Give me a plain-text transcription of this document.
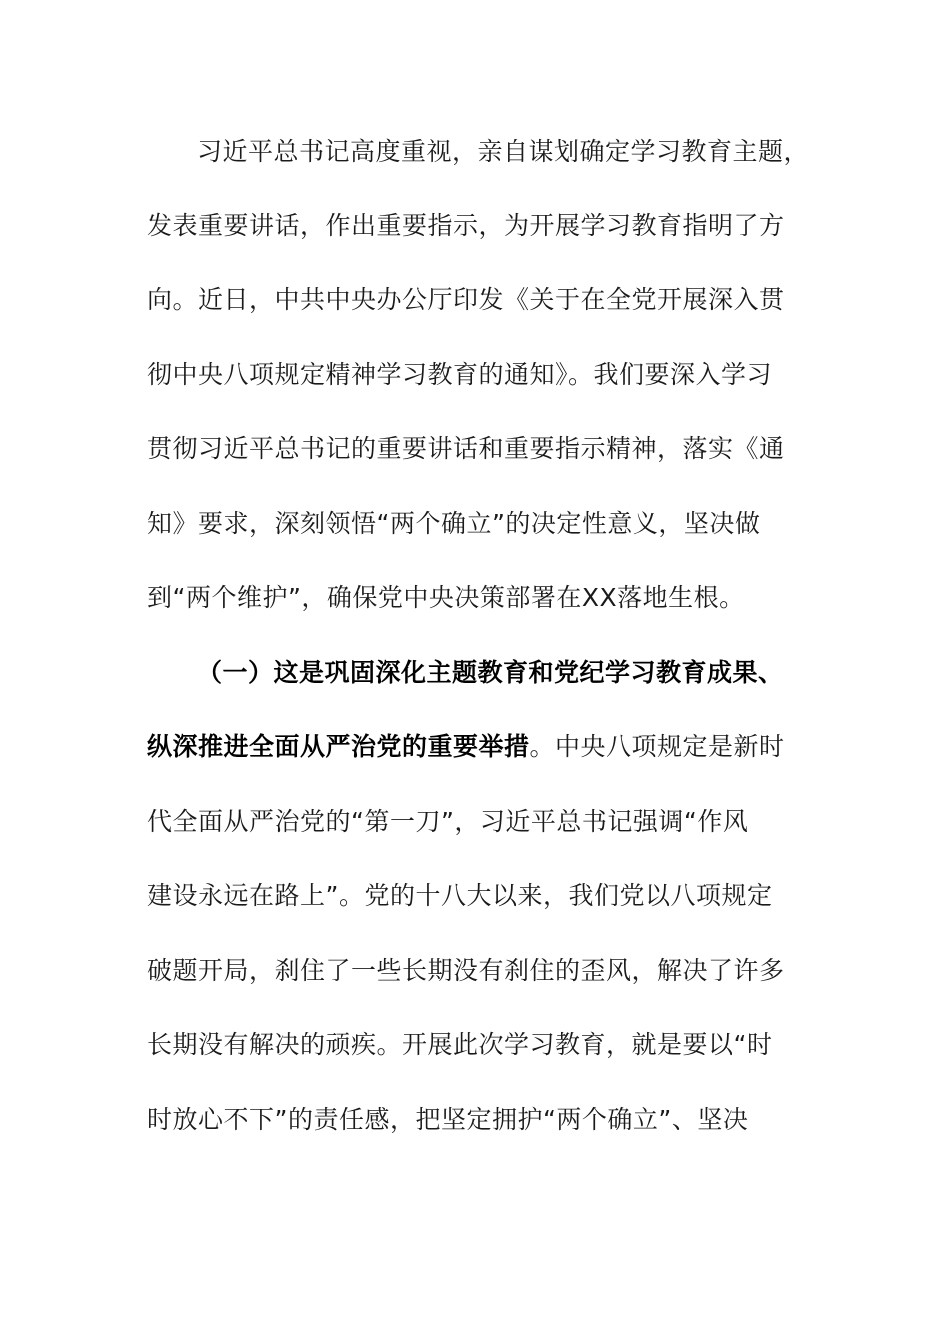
习近平总书记高度重视，亲自谋划确定学习教育主题，
发表重要讲话，作出重要指示，为开展学习教育指明了方
向。近日，中共中央办公厅印发《关于在全党开展深入贯
彻中央八项规定精神学习教育的通知》。我们要深入学习
贯彻习近平总书记的重要讲话和重要指示精神，落实《通
知》要求，深刻领悟“两个确立”的决定性意义，坚决做
到“两个维护”，确保党中央决策部署在XX落地生根。
（一）这是巩固深化主题教育和党纪学习教育成果、
纵深推进全面从严治党的重要举措。中央八项规定是新时
代全面从严治党的“第一刀”，习近平总书记强调“作风
建设永远在路上”。党的十八大以来，我们党以八项规定
破题开局，刹住了一些长期没有刹住的歪风，解决了许多
长期没有解决的顽疾。开展此次学习教育，就是要以“时
时放心不下”的责任感，把坚定拥护“两个确立”、坚决
